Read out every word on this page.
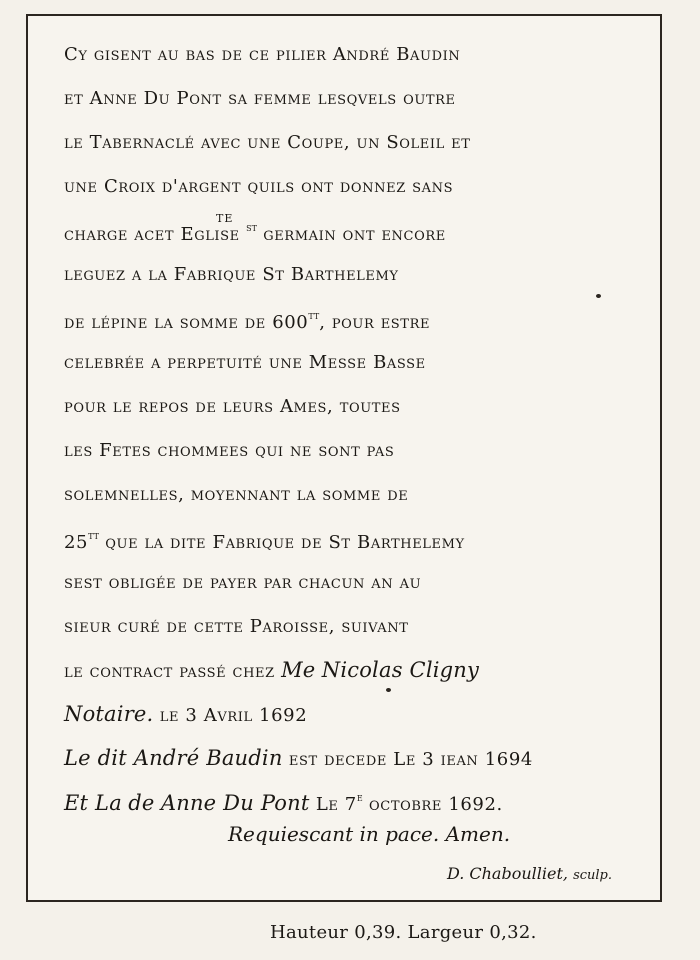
Cy gisent au bas de ce pilier André Baudin
et Anne Du Pont sa femme lesqvels outre
le Tabernaclé avec une Coupe, un Soleil et
une Croix d'argent quils ont donnez sans
TE
charge acet Eglise $^{st}$ germain ont encore
leguez a la Fabrique St Barthelemy
de lépine la somme de $600^{tt}$, pour estre
celebrée a perpetuité une Messe Basse
pour le repos de leurs Ames, toutes
les Fetes chommees qui ne sont pas
solemnelles, moyennant la somme de
$25^{tt}$ que la dite Fabrique de St Barthelemy
sest obligée de payer par chacun an au
sieur curé de cette Paroisse, suivant
le contract passé chez Me Nicolas Cligny
Notaire. le 3 Avril 1692
Le dit André Baudin est decede Le 3 iean 1694
Et La de Anne Du Pont Le 7e octobre 1692.
Requiescant in pace. Amen.
D. Chaboulliet, sculp.
Hauteur 0,39. Largeur 0,32.
